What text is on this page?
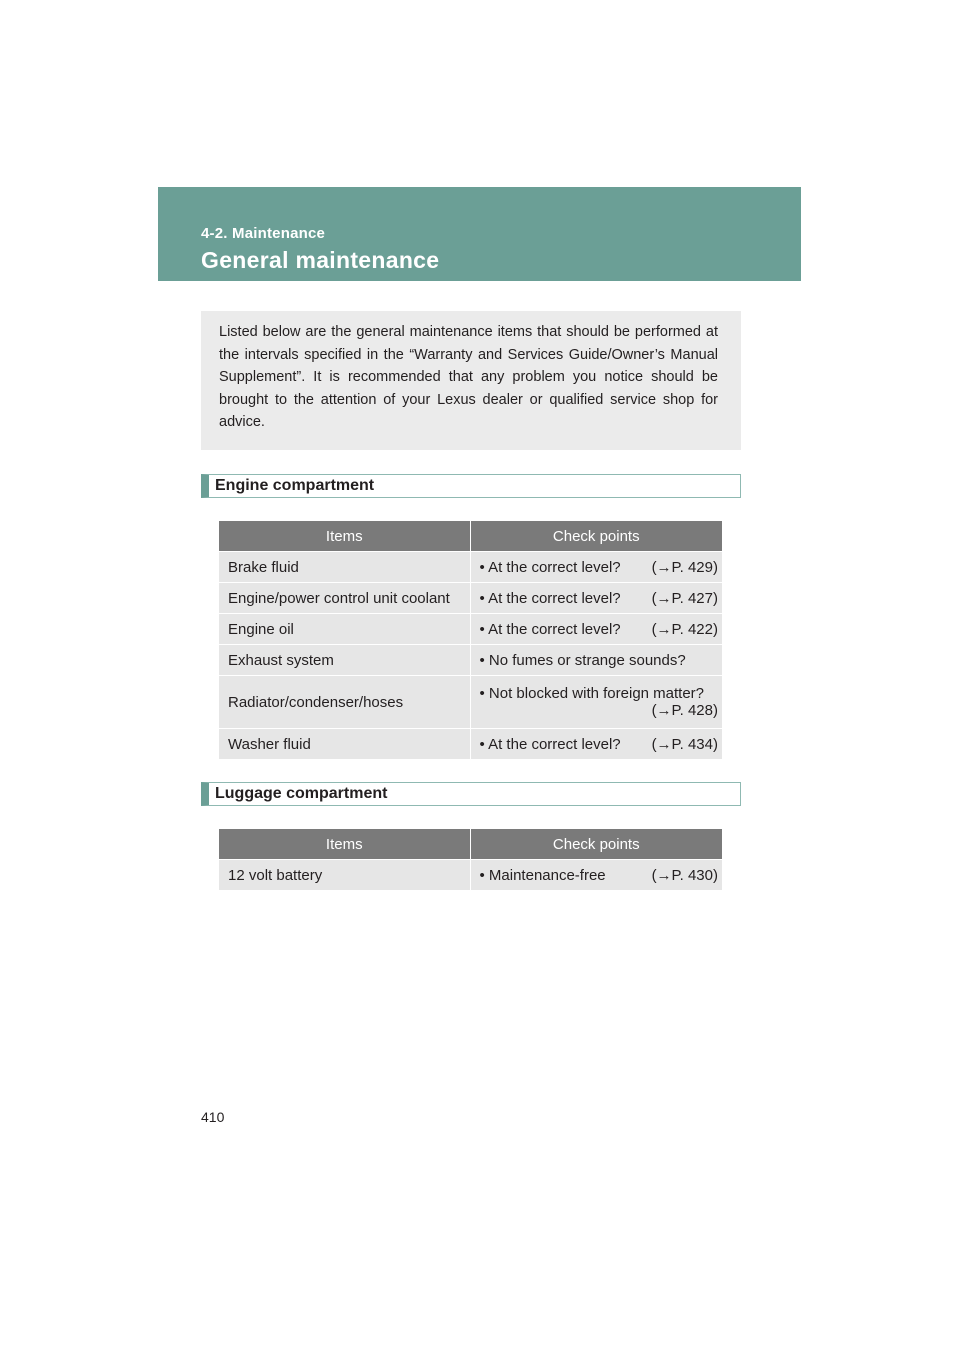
4-2. Maintenance
General maintenance

Listed below are the general maintenance items that should be performed at the intervals specified in the “Warranty and Services Guide/Owner’s Manual Supplement”. It is recommended that any problem you notice should be brought to the attention of your Lexus dealer or qualified service shop for advice.

Engine compartment
Items	Check points
Brake fluid	• At the correct level? (→P. 429)

Engine/power control unit coolant	• At the correct level? (→P. 427)

Engine oil	• At the correct level? (→P. 422)

Exhaust system	• No fumes or strange sounds?

Radiator/condenser/hoses	• Not blocked with foreign matter?
(→P. 428)

Washer fluid	• At the correct level? (→P. 434)
Luggage compartment
Items	Check points
12 volt battery	• Maintenance-free (→P. 430)
410
